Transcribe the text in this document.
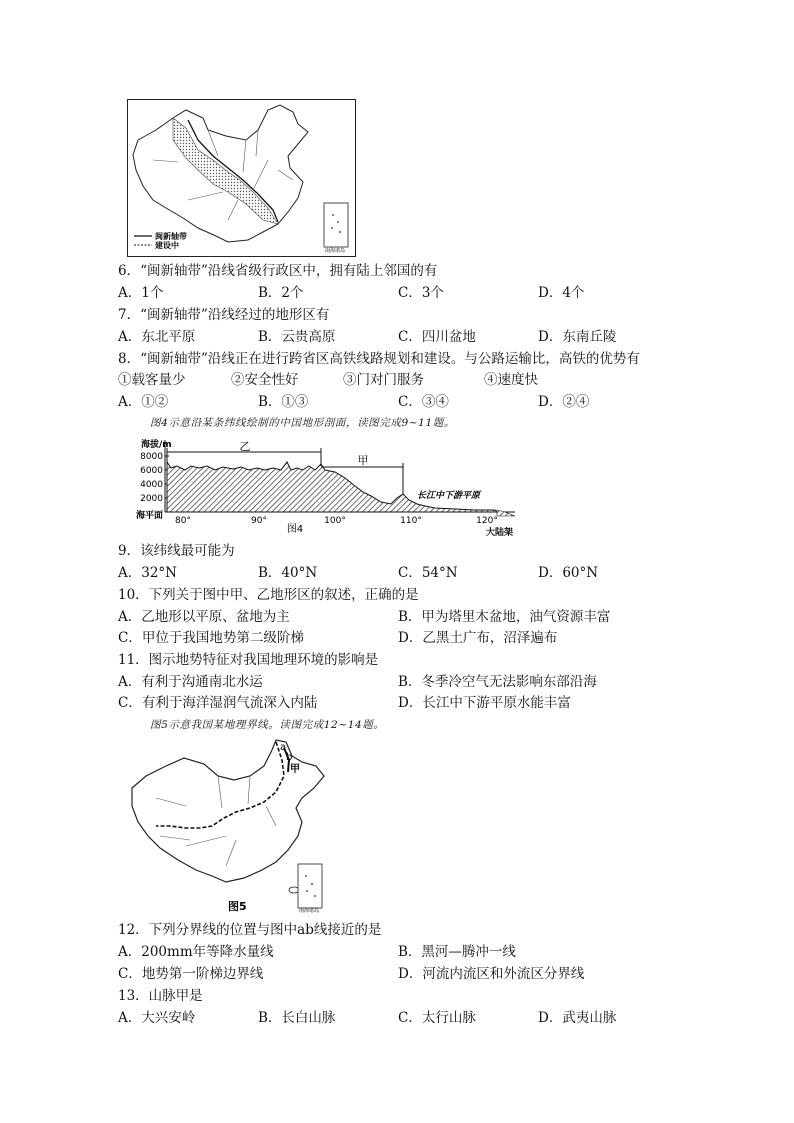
闽新轴带
建设中
南海诸岛
6．“闽新轴带”沿线省级行政区中，拥有陆上邻国的有
A．1个	B．2个	C．3个	D．4个
7．“闽新轴带”沿线经过的地形区有
A．东北平原	B．云贵高原	C．四川盆地	D．东南丘陵
8．“闽新轴带”沿线正在进行跨省区高铁线路规划和建设。与公路运输比，高铁的优势有
①载客量少	②安全性好	③门对门服务	④速度快
A．①②	B．①③	C．③④	D．②④
图4示意沿某条纬线绘制的中国地形剖面，读图完成9~11题。
海拔/m
8000
6000
4000
2000
海平面
乙
甲
长江中下游平原
80°	90°	100°	110°	120°
图4	大陆架
9．该纬线最可能为
A．32°N	B．40°N	C．54°N	D．60°N
10．下列关于图中甲、乙地形区的叙述，正确的是
A．乙地形以平原、盆地为主	B．甲为塔里木盆地，油气资源丰富
C．甲位于我国地势第二级阶梯	D．乙黑土广布，沼泽遍布
11．图示地势特征对我国地理环境的影响是
A．有利于沟通南北水运	B．冬季冷空气无法影响东部沿海
C．有利于海洋湿润气流深入内陆	D．长江中下游平原水能丰富
图5示意我国某地理界线。读图完成12~14题。
a
b
甲
图5	南海诸岛
12．下列分界线的位置与图中ab线接近的是
A．200mm年等降水量线	B．黑河—腾冲一线
C．地势第一阶梯边界线	D．河流内流区和外流区分界线
13．山脉甲是
A．大兴安岭	B．长白山脉	C．太行山脉	D．武夷山脉
